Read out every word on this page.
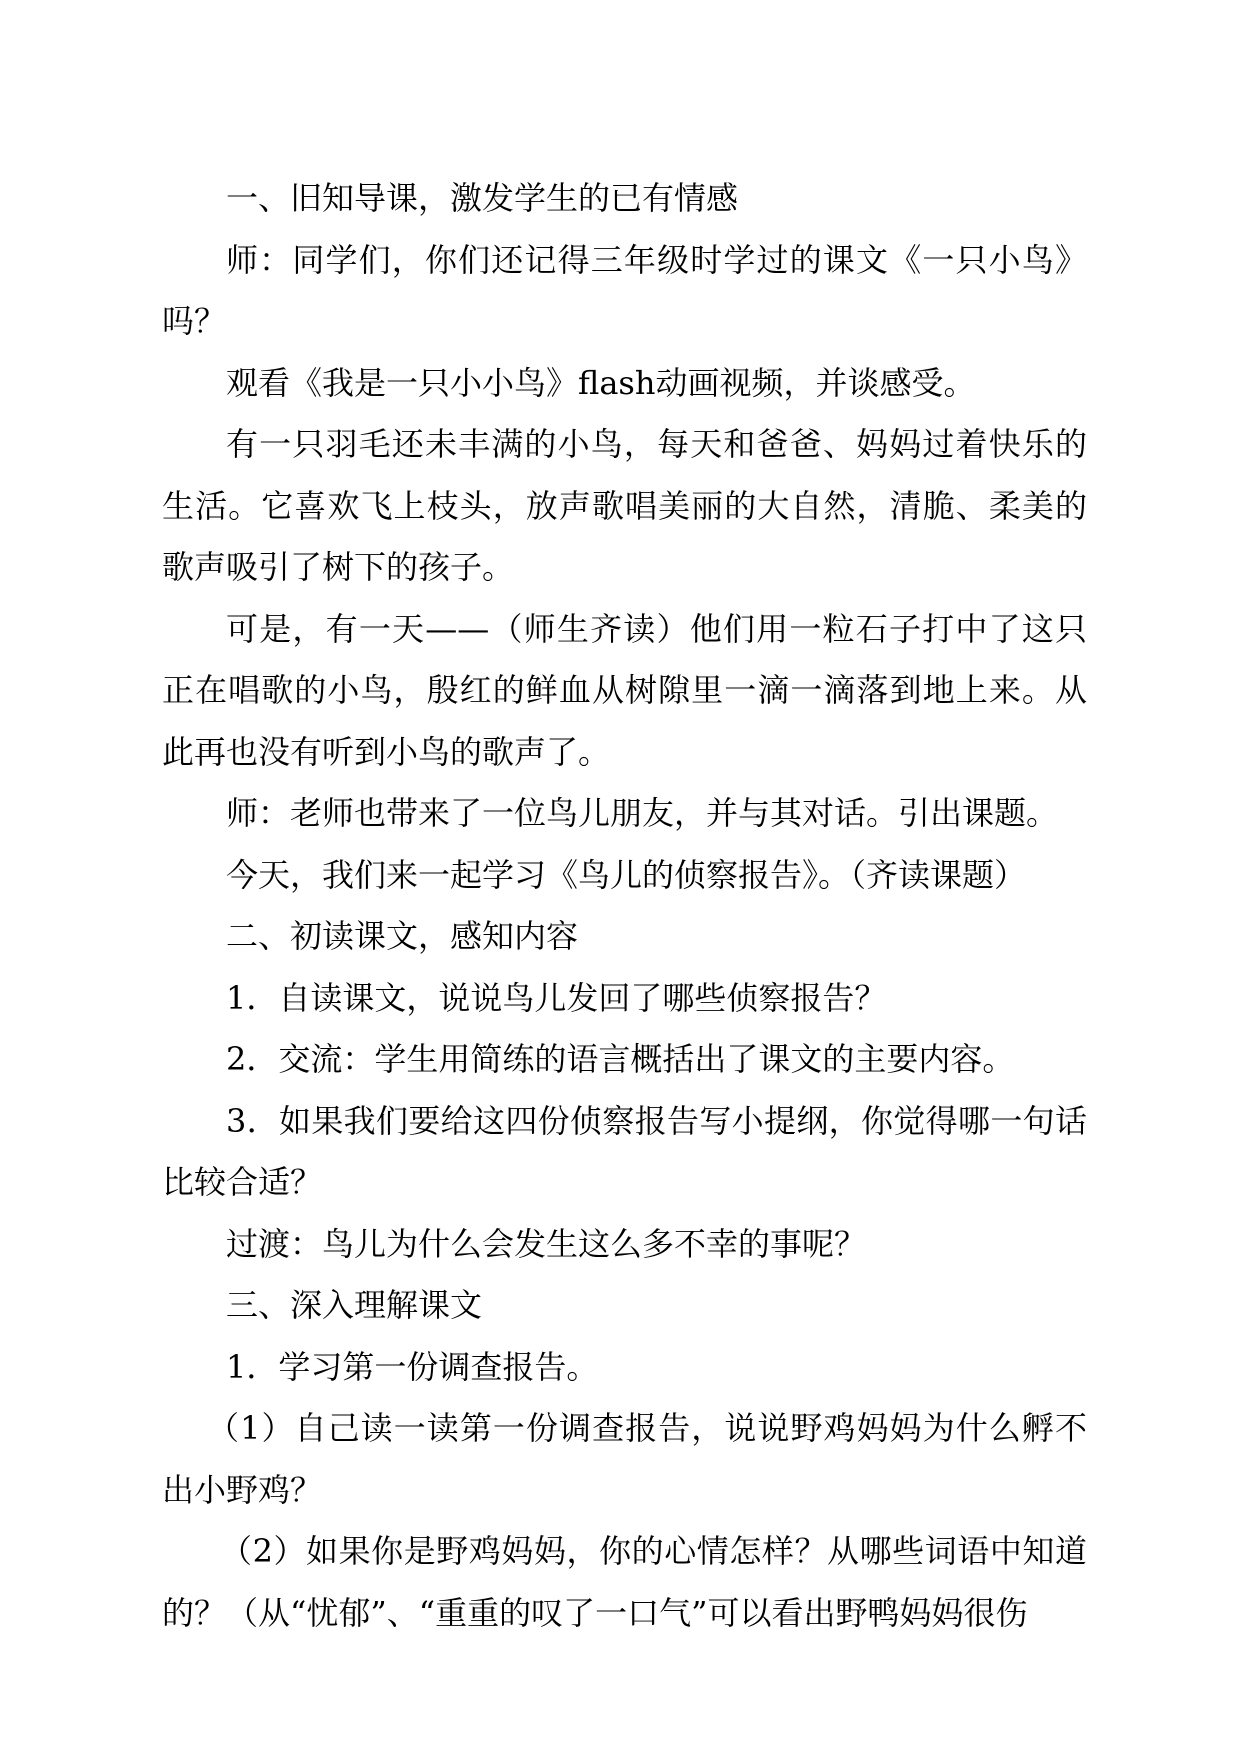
一、旧知导课，激发学生的已有情感

师：同学们，你们还记得三年级时学过的课文《一只小鸟》吗？

观看《我是一只小小鸟》flash动画视频，并谈感受。

有一只羽毛还未丰满的小鸟，每天和爸爸、妈妈过着快乐的生活。它喜欢飞上枝头，放声歌唱美丽的大自然，清脆、柔美的歌声吸引了树下的孩子。

可是，有一天——（师生齐读）他们用一粒石子打中了这只正在唱歌的小鸟，殷红的鲜血从树隙里一滴一滴落到地上来。从此再也没有听到小鸟的歌声了。

师：老师也带来了一位鸟儿朋友，并与其对话。引出课题。

今天，我们来一起学习《鸟儿的侦察报告》。（齐读课题）

二、初读课文，感知内容

1．自读课文，说说鸟儿发回了哪些侦察报告？

2．交流：学生用简练的语言概括出了课文的主要内容。

3．如果我们要给这四份侦察报告写小提纲，你觉得哪一句话比较合适？

过渡：鸟儿为什么会发生这么多不幸的事呢？

三、深入理解课文

1．学习第一份调查报告。

（1）自己读一读第一份调查报告，说说野鸡妈妈为什么孵不出小野鸡？

（2）如果你是野鸡妈妈，你的心情怎样？从哪些词语中知道的？（从“忧郁”、“重重的叹了一口气”可以看出野鸭妈妈很伤
